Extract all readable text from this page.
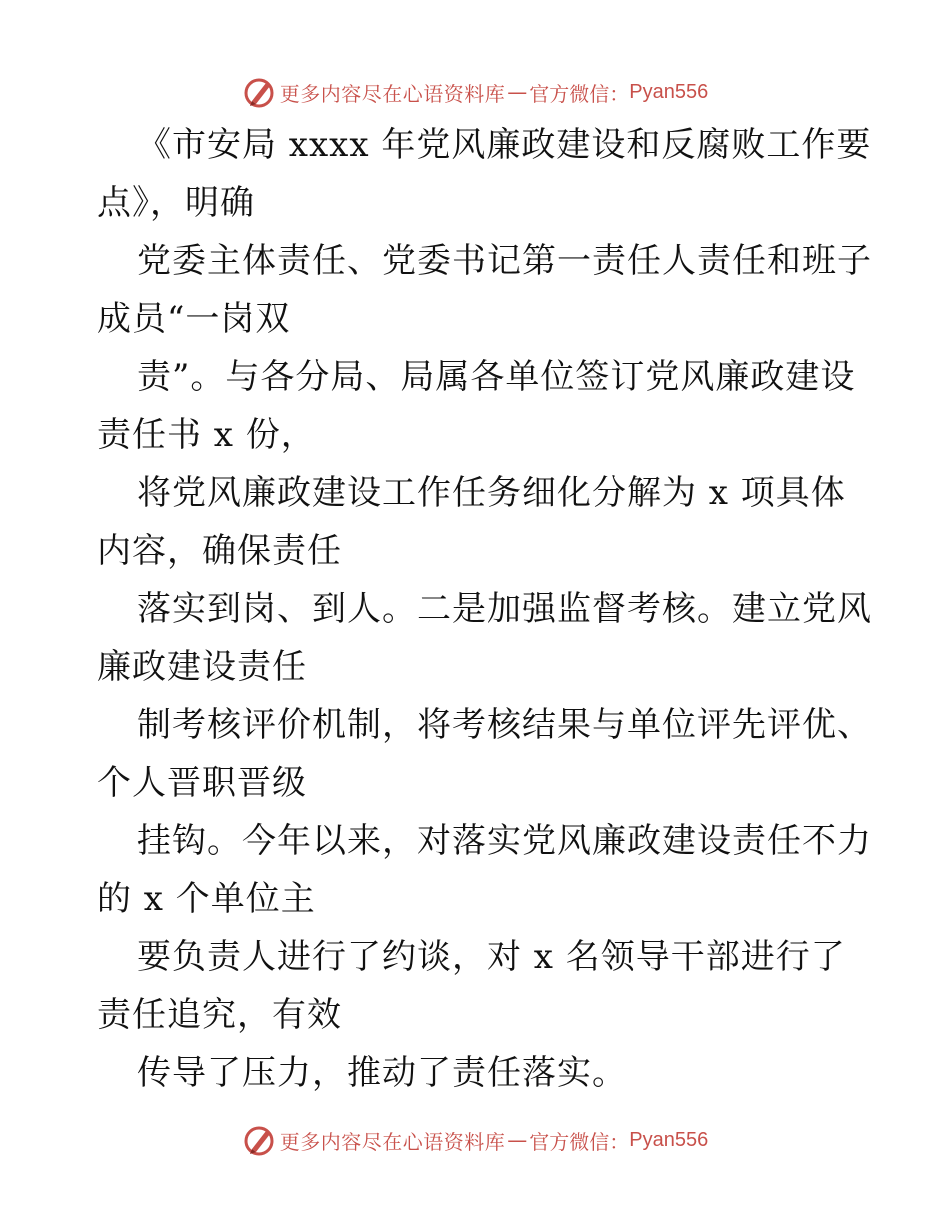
更多内容尽在心语资料库 — 官方微信： Pyan556
《市安局 xxxx 年党风廉政建设和反腐败工作要
点》，明确
党委主体责任、党委书记第一责任人责任和班子
成员“一岗双
责”。与各分局、局属各单位签订党风廉政建设
责任书 x 份，
将党风廉政建设工作任务细化分解为 x 项具体
内容，确保责任
落实到岗、到人。二是加强监督考核。建立党风
廉政建设责任
制考核评价机制，将考核结果与单位评先评优、
个人晋职晋级
挂钩。今年以来，对落实党风廉政建设责任不力
的 x 个单位主
要负责人进行了约谈，对 x 名领导干部进行了
责任追究，有效
传导了压力，推动了责任落实。
更多内容尽在心语资料库 — 官方微信： Pyan556
